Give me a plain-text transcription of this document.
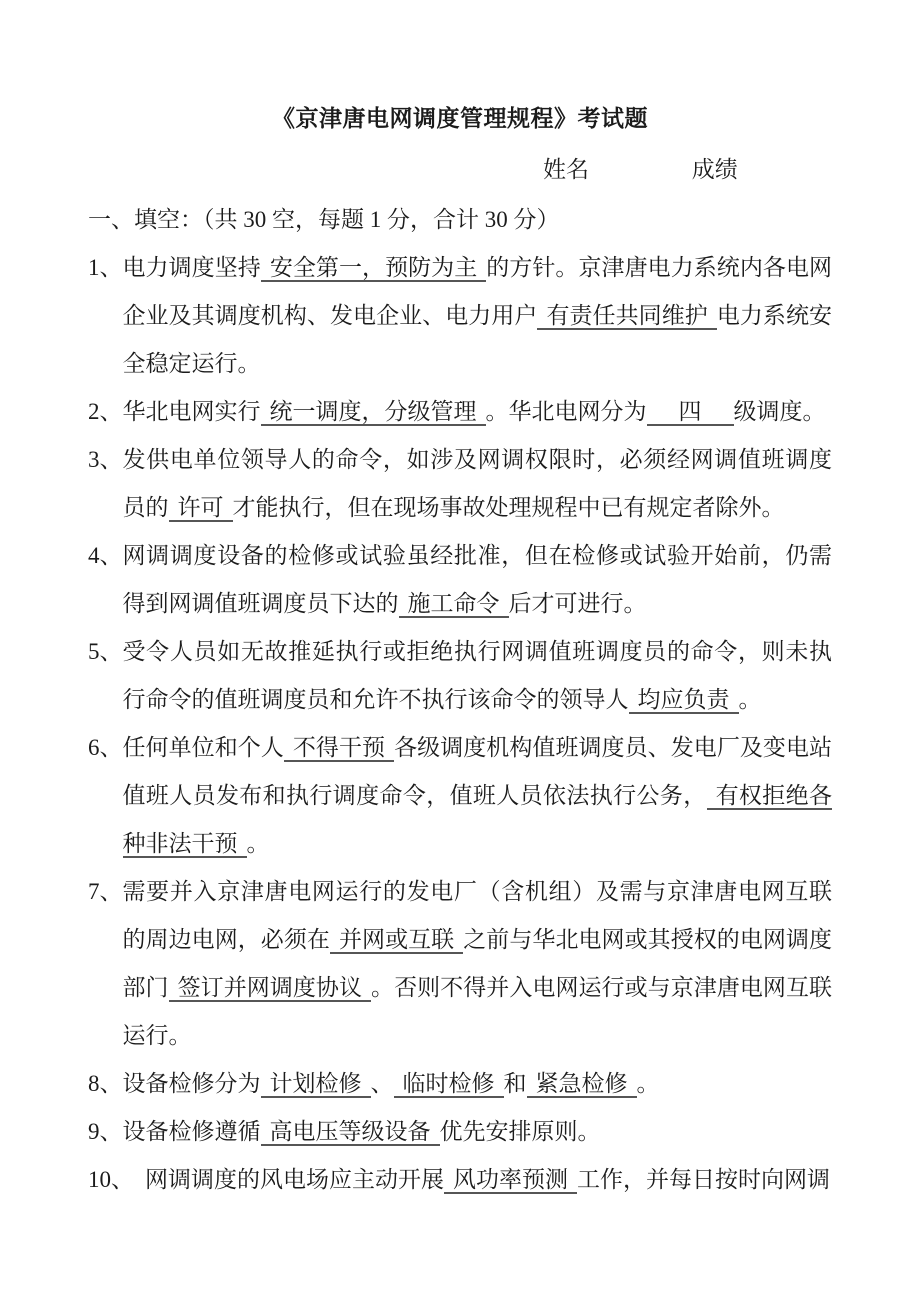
《京津唐电网调度管理规程》考试题
姓名	成绩
一、 填空：（共 30 空，每题 1 分，合计 30 分）
1、 电力调度坚持 安全第一，预防为主 的方针。京津唐电力系统内各电网企业及其调度机构、发电企业、电力用户 有责任共同维护 电力系统安全稳定运行。
2、 华北电网实行 统一调度，分级管理 。华北电网分为　四　级调度。
3、 发供电单位领导人的命令，如涉及网调权限时，必须经网调值班调度员的 许可 才能执行，但在现场事故处理规程中已有规定者除外。
4、 网调调度设备的检修或试验虽经批准，但在检修或试验开始前，仍需得到网调值班调度员下达的 施工命令 后才可进行。
5、 受令人员如无故推延执行或拒绝执行网调值班调度员的命令，则未执行命令的值班调度员和允许不执行该命令的领导人 均应负责 。
6、 任何单位和个人 不得干预 各级调度机构值班调度员、发电厂及变电站值班人员发布和执行调度命令，值班人员依法执行公务， 有权拒绝各种非法干预 。
7、 需要并入京津唐电网运行的发电厂（含机组）及需与京津唐电网互联的周边电网，必须在 并网或互联 之前与华北电网或其授权的电网调度部门 签订并网调度协议 。否则不得并入电网运行或与京津唐电网互联运行。
8、 设备检修分为 计划检修 、 临时检修 和 紧急检修 。
9、 设备检修遵循 高电压等级设备 优先安排原则。
10、 网调调度的风电场应主动开展 风功率预测 工作，并每日按时向网调
